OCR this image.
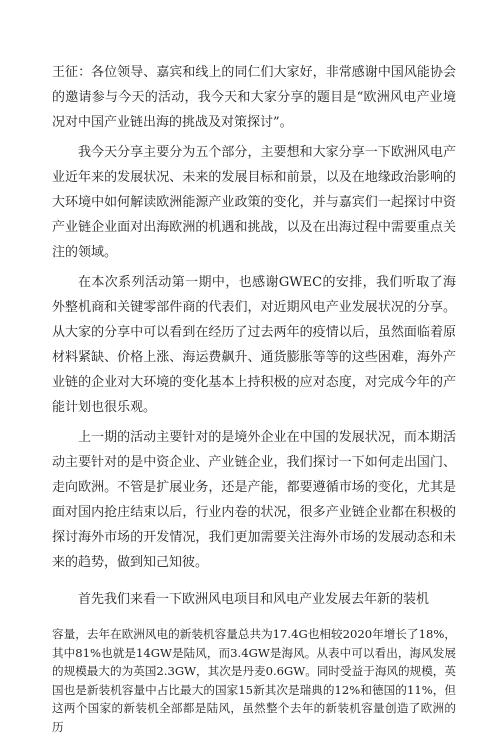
王征：各位领导、嘉宾和线上的同仁们大家好，非常感谢中国风能协会的邀请参与今天的活动，我今天和大家分享的题目是“欧洲风电产业境况对中国产业链出海的挑战及对策探讨”。

我今天分享主要分为五个部分，主要想和大家分享一下欧洲风电产业近年来的发展状况、未来的发展目标和前景，以及在地缘政治影响的大环境中如何解读欧洲能源产业政策的变化，并与嘉宾们一起探讨中资产业链企业面对出海欧洲的机遇和挑战，以及在出海过程中需要重点关注的领域。

在本次系列活动第一期中，也感谢GWEC的安排，我们听取了海外整机商和关键零部件商的代表们，对近期风电产业发展状况的分享。从大家的分享中可以看到在经历了过去两年的疫情以后，虽然面临着原材料紧缺、价格上涨、海运费飙升、通货膨胀等等的这些困难，海外产业链的企业对大环境的变化基本上持积极的应对态度，对完成今年的产能计划也很乐观。

上一期的活动主要针对的是境外企业在中国的发展状况，而本期活动主要针对的是中资企业、产业链企业，我们探讨一下如何走出国门、走向欧洲。不管是扩展业务，还是产能，都要遵循市场的变化，尤其是面对国内抢庄结束以后，行业内卷的状况，很多产业链企业都在积极的探讨海外市场的开发情况，我们更加需要关注海外市场的发展动态和未来的趋势，做到知己知彼。

首先我们来看一下欧洲风电项目和风电产业发展去年新的装机

容量，去年在欧洲风电的新装机容量总共为17.4G也相较2020年增长了18%，其中81%也就是14GW是陆风，而3.4GW是海风。从表中可以看出，海风发展的规模最大的为英国2.3GW，其次是丹麦0.6GW。同时受益于海风的规模，英国也是新装机容量中占比最大的国家15新其次是瑞典的12%和德国的11%，但这两个国家的新装机全部都是陆风，虽然整个去年的新装机容量创造了欧洲的历
